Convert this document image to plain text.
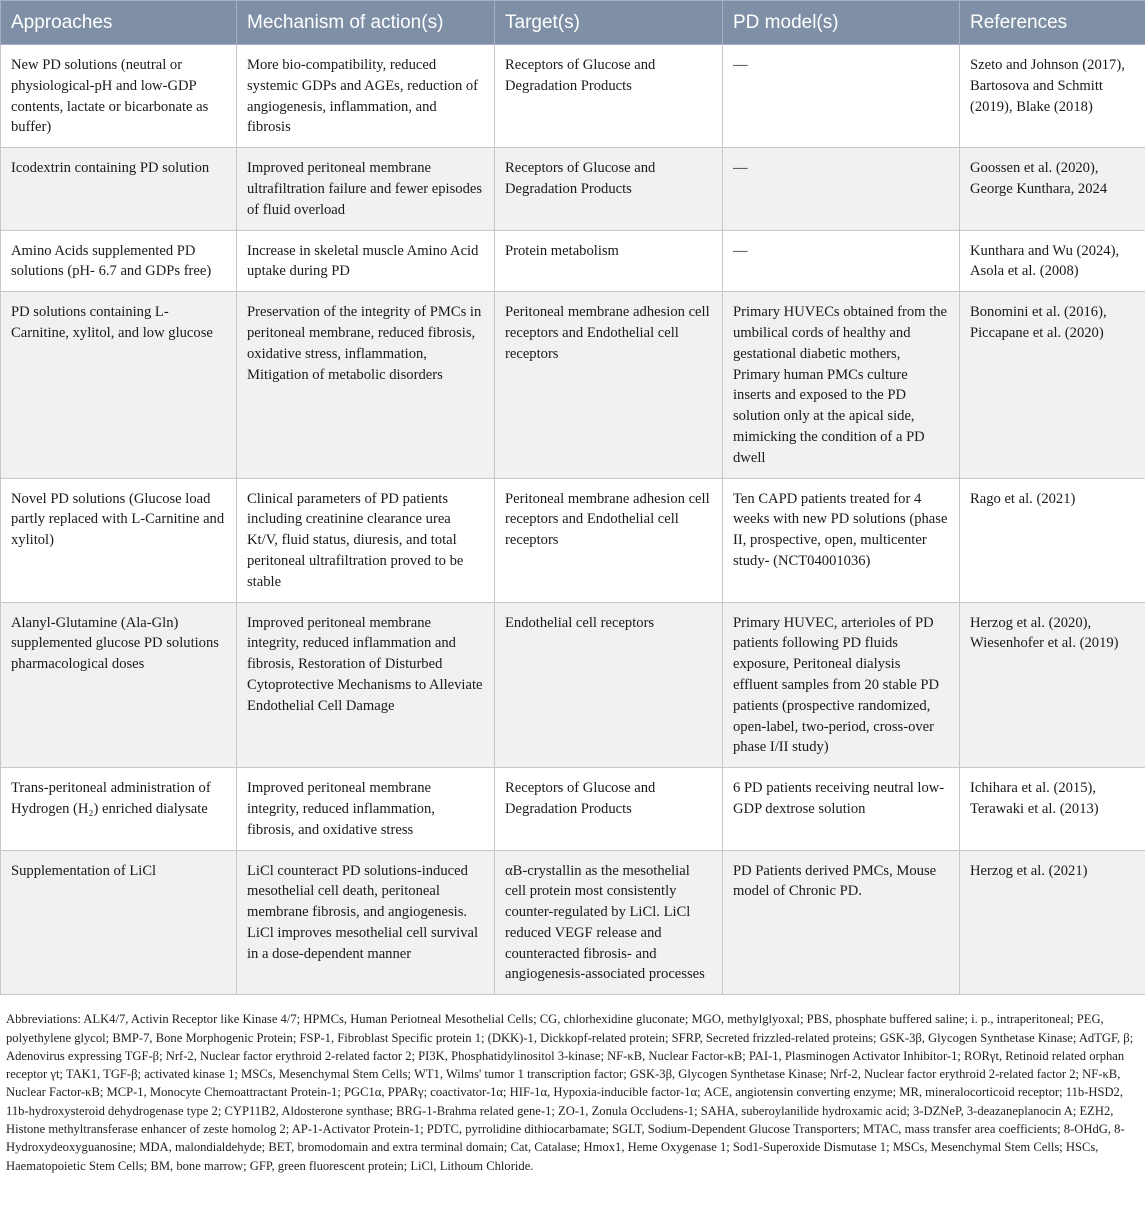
Approaches	Mechanism of action(s)	Target(s)	PD model(s)	References
New PD solutions (neutral or physiological-pH and low-GDP contents, lactate or bicarbonate as buffer)	More bio-compatibility, reduced systemic GDPs and AGEs, reduction of angiogenesis, inflammation, and fibrosis	Receptors of Glucose and Degradation Products	—	Szeto and Johnson (2017), Bartosova and Schmitt (2019), Blake (2018)
Icodextrin containing PD solution	Improved peritoneal membrane ultrafiltration failure and fewer episodes of fluid overload	Receptors of Glucose and Degradation Products	—	Goossen et al. (2020), George Kunthara, 2024
Amino Acids supplemented PD solutions (pH- 6.7 and GDPs free)	Increase in skeletal muscle Amino Acid uptake during PD	Protein metabolism	—	Kunthara and Wu (2024), Asola et al. (2008)
PD solutions containing L-Carnitine, xylitol, and low glucose	Preservation of the integrity of PMCs in peritoneal membrane, reduced fibrosis, oxidative stress, inflammation, Mitigation of metabolic disorders	Peritoneal membrane adhesion cell receptors and Endothelial cell receptors	Primary HUVECs obtained from the umbilical cords of healthy and gestational diabetic mothers, Primary human PMCs culture inserts and exposed to the PD solution only at the apical side, mimicking the condition of a PD dwell	Bonomini et al. (2016), Piccapane et al. (2020)
Novel PD solutions (Glucose load partly replaced with L-Carnitine and xylitol)	Clinical parameters of PD patients including creatinine clearance urea Kt/V, fluid status, diuresis, and total peritoneal ultrafiltration proved to be stable	Peritoneal membrane adhesion cell receptors and Endothelial cell receptors	Ten CAPD patients treated for 4 weeks with new PD solutions (phase II, prospective, open, multicenter study- (NCT04001036)	Rago et al. (2021)
Alanyl-Glutamine (Ala-Gln) supplemented glucose PD solutions pharmacological doses	Improved peritoneal membrane integrity, reduced inflammation and fibrosis, Restoration of Disturbed Cytoprotective Mechanisms to Alleviate Endothelial Cell Damage	Endothelial cell receptors	Primary HUVEC, arterioles of PD patients following PD fluids exposure, Peritoneal dialysis effluent samples from 20 stable PD patients (prospective randomized, open-label, two-period, cross-over phase I/II study)	Herzog et al. (2020), Wiesenhofer et al. (2019)
Trans-peritoneal administration of Hydrogen (H₂) enriched dialysate	Improved peritoneal membrane integrity, reduced inflammation, fibrosis, and oxidative stress	Receptors of Glucose and Degradation Products	6 PD patients receiving neutral low-GDP dextrose solution	Ichihara et al. (2015), Terawaki et al. (2013)
Supplementation of LiCl	LiCl counteract PD solutions-induced mesothelial cell death, peritoneal membrane fibrosis, and angiogenesis. LiCl improves mesothelial cell survival in a dose-dependent manner	αB-crystallin as the mesothelial cell protein most consistently counter-regulated by LiCl. LiCl reduced VEGF release and counteracted fibrosis- and angiogenesis-associated processes	PD Patients derived PMCs, Mouse model of Chronic PD.	Herzog et al. (2021)
Abbreviations: ALK4/7, Activin Receptor like Kinase 4/7; HPMCs, Human Periotneal Mesothelial Cells; CG, chlorhexidine gluconate; MGO, methylglyoxal; PBS, phosphate buffered saline; i. p., intraperitoneal; PEG, polyethylene glycol; BMP-7, Bone Morphogenic Protein; FSP-1, Fibroblast Specific protein 1; (DKK)-1, Dickkopf-related protein; SFRP, Secreted frizzled-related proteins; GSK-3β, Glycogen Synthetase Kinase; AdTGF, β; Adenovirus expressing TGF-β; Nrf-2, Nuclear factor erythroid 2-related factor 2; PI3K, Phosphatidylinositol 3-kinase; NF-κB, Nuclear Factor-κB; PAI-1, Plasminogen Activator Inhibitor-1; RORγt, Retinoid related orphan receptor γt; TAK1, TGF-β; activated kinase 1; MSCs, Mesenchymal Stem Cells; WT1, Wilms' tumor 1 transcription factor; GSK-3β, Glycogen Synthetase Kinase; Nrf-2, Nuclear factor erythroid 2-related factor 2; NF-κB, Nuclear Factor-κB; MCP-1, Monocyte Chemoattractant Protein-1; PGC1α, PPARγ; coactivator-1α; HIF-1α, Hypoxia-inducible factor-1α; ACE, angiotensin converting enzyme; MR, mineralocorticoid receptor; 11b-HSD2, 11b-hydroxysteroid dehydrogenase type 2; CYP11B2, Aldosterone synthase; BRG-1-Brahma related gene-1; ZO-1, Zonula Occludens-1; SAHA, suberoylanilide hydroxamic acid; 3-DZNeP, 3-deazaneplanocin A; EZH2, Histone methyltransferase enhancer of zeste homolog 2; AP-1-Activator Protein-1; PDTC, pyrrolidine dithiocarbamate; SGLT, Sodium-Dependent Glucose Transporters; MTAC, mass transfer area coefficients; 8-OHdG, 8-Hydroxydeoxyguanosine; MDA, malondialdehyde; BET, bromodomain and extra terminal domain; Cat, Catalase; Hmox1, Heme Oxygenase 1; Sod1-Superoxide Dismutase 1; MSCs, Mesenchymal Stem Cells; HSCs, Haematopoietic Stem Cells; BM, bone marrow; GFP, green fluorescent protein; LiCl, Lithoum Chloride.
